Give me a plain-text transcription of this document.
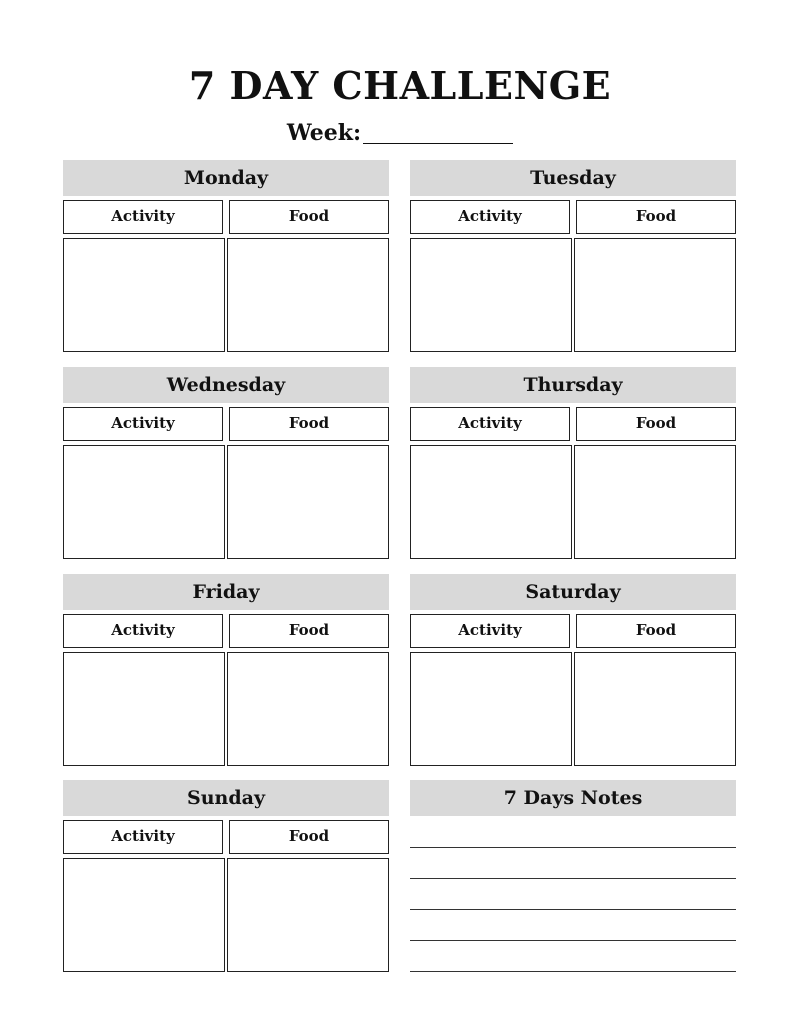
7 DAY CHALLENGE
Week:
Monday
Activity	Food
Tuesday
Activity	Food
Wednesday
Activity	Food
Thursday
Activity	Food
Friday
Activity	Food
Saturday
Activity	Food
Sunday
Activity	Food
7 Days Notes
